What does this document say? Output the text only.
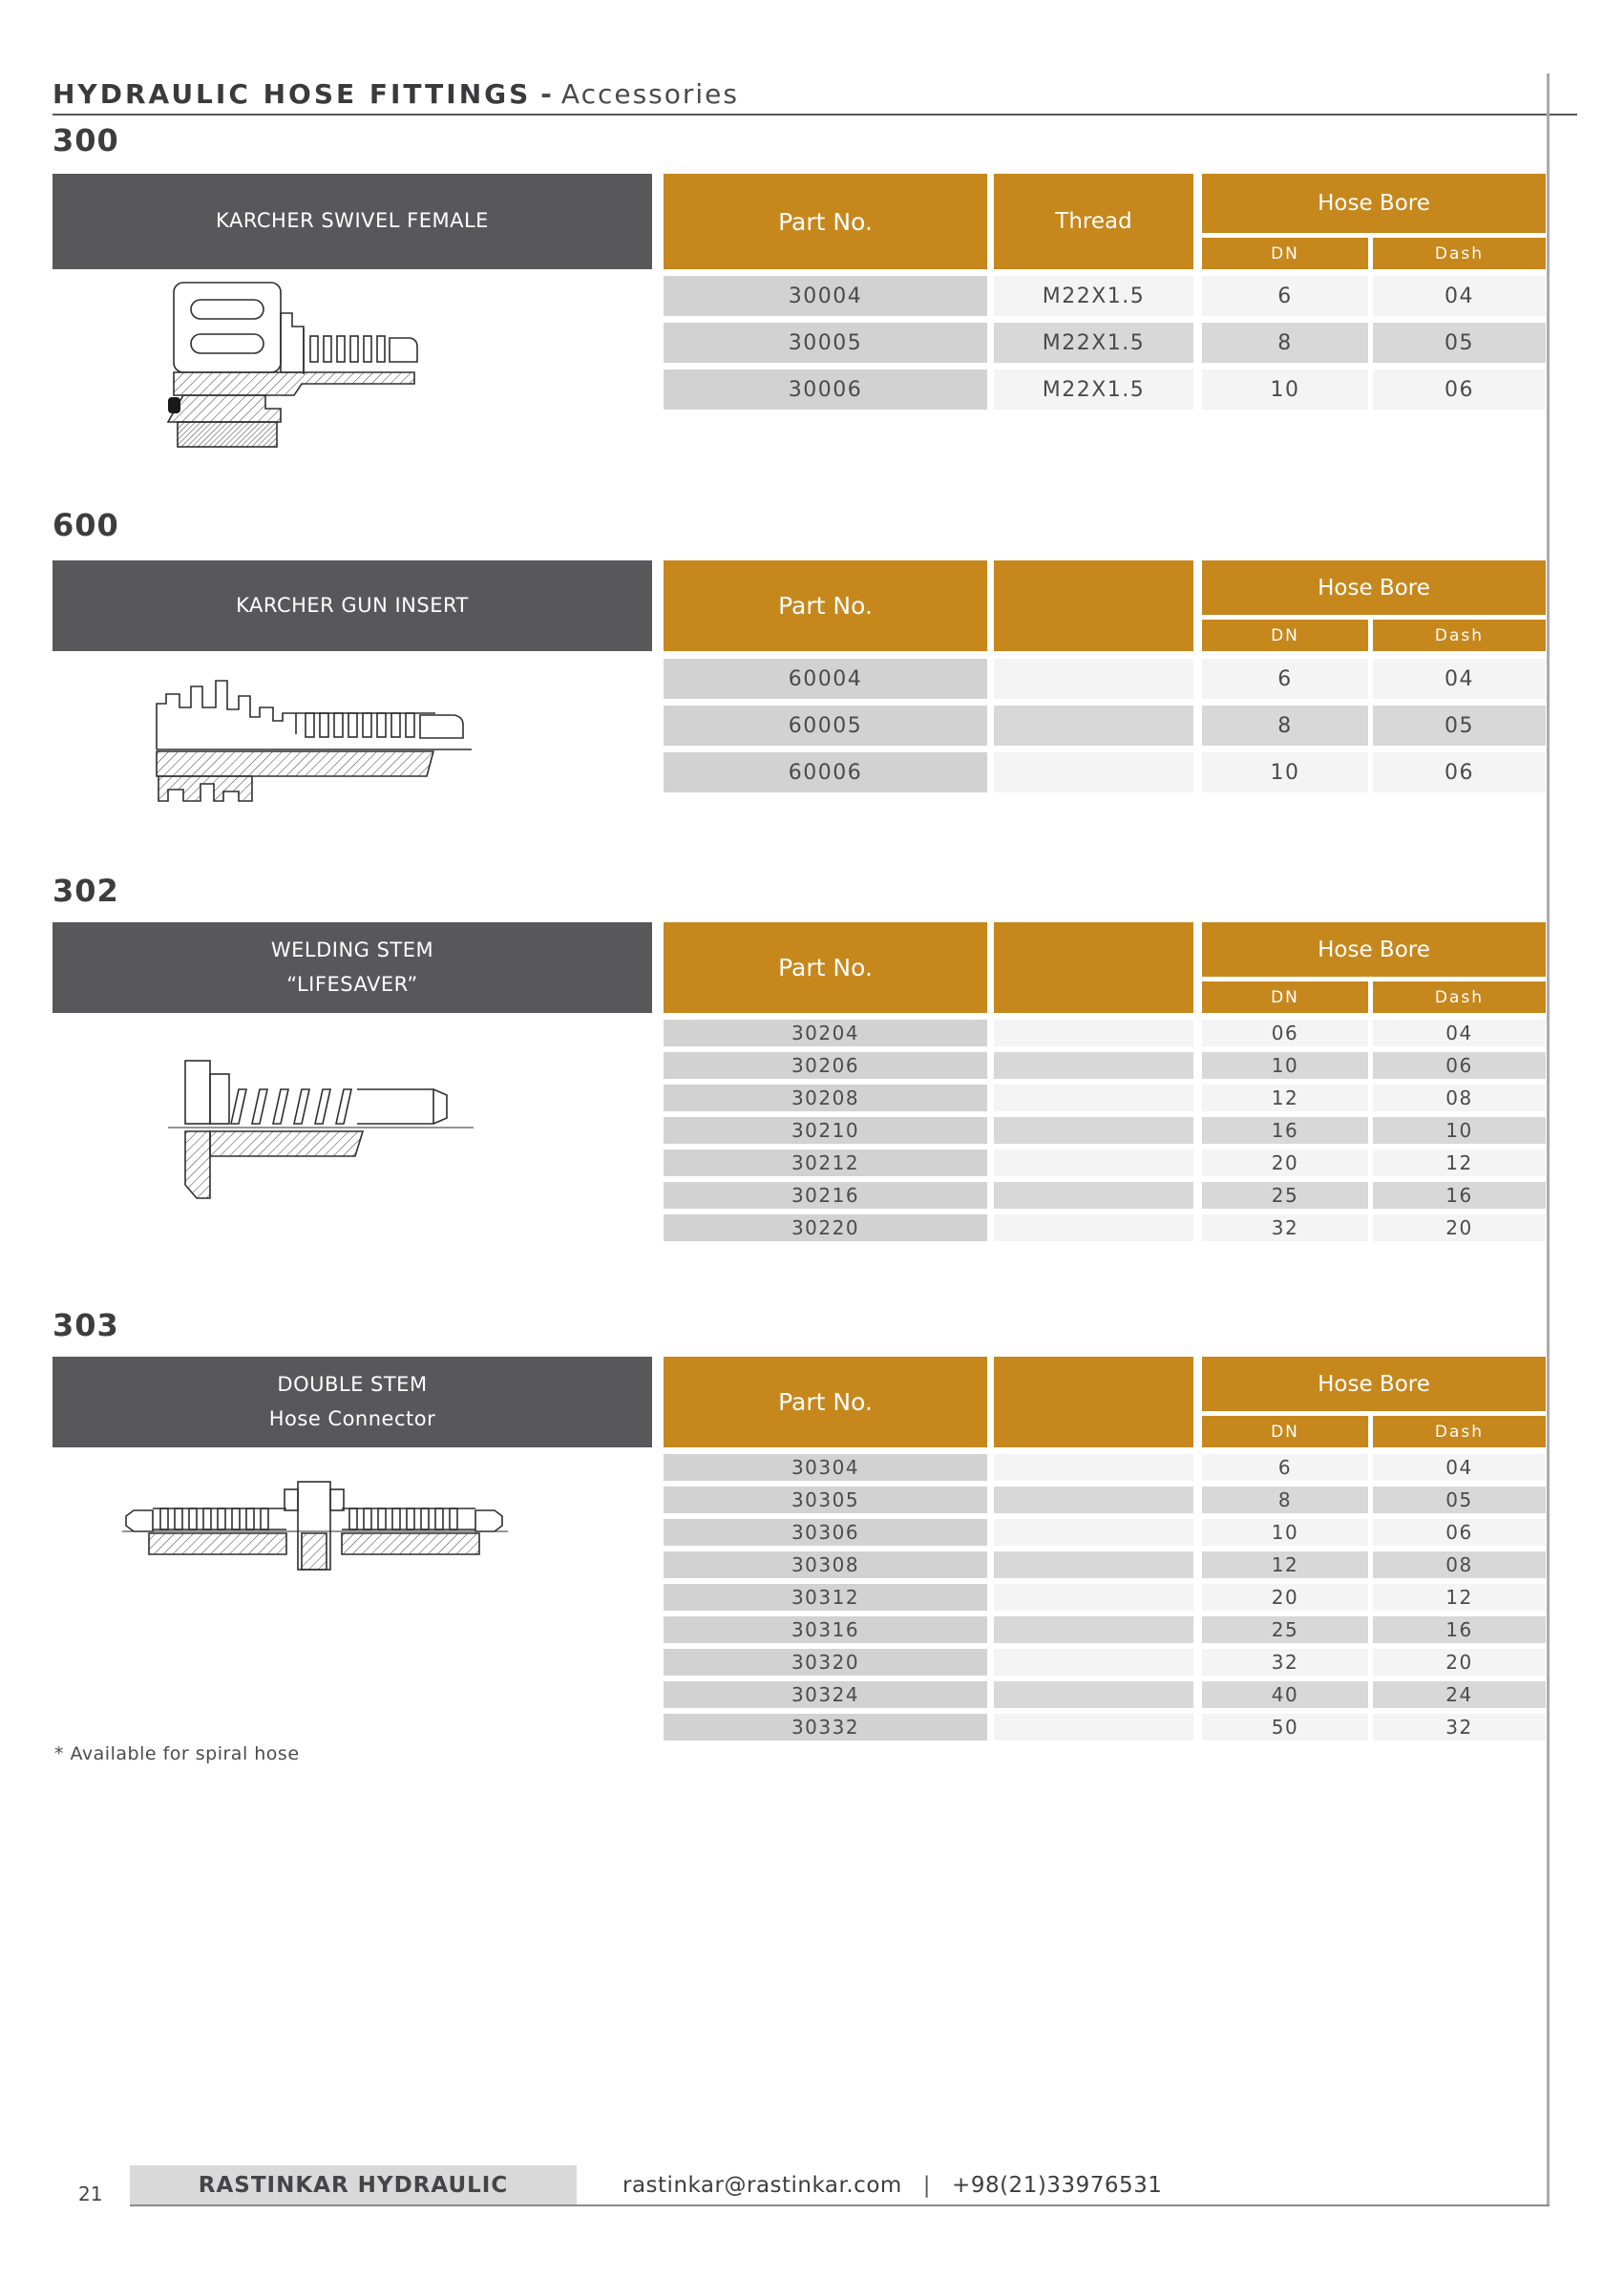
HYDRAULIC HOSE FITTINGS - Accessories
300
KARCHER SWIVEL FEMALE	Part No.	Thread
Hose Bore
DN	Dash
30004	M22X1.5	6	04
30005	M22X1.5	8	05
30006	M22X1.5	10	06
600
KARCHER GUN INSERT	Part No.
Hose Bore
DN	Dash
60004	6	04
60005	8	05
60006	10	06
302
WELDING STEM
“LIFESAVER”
Part No.
Hose Bore
DN	Dash
30204	06	04
30206	10	06
30208	12	08
30210	16	10
30212	20	12
30216	25	16
30220	32	20
303
DOUBLE STEM
Hose Connector
Part No.
Hose Bore
DN	Dash
30304	6	04
30305	8	05
30306	10	06
30308	12	08
30312	20	12
30316	25	16
30320	32	20
30324	40	24
30332	50	32
* Available for spiral hose
21	RASTINKAR HYDRAULIC	rastinkar@rastinkar.com | +98(21)33976531
